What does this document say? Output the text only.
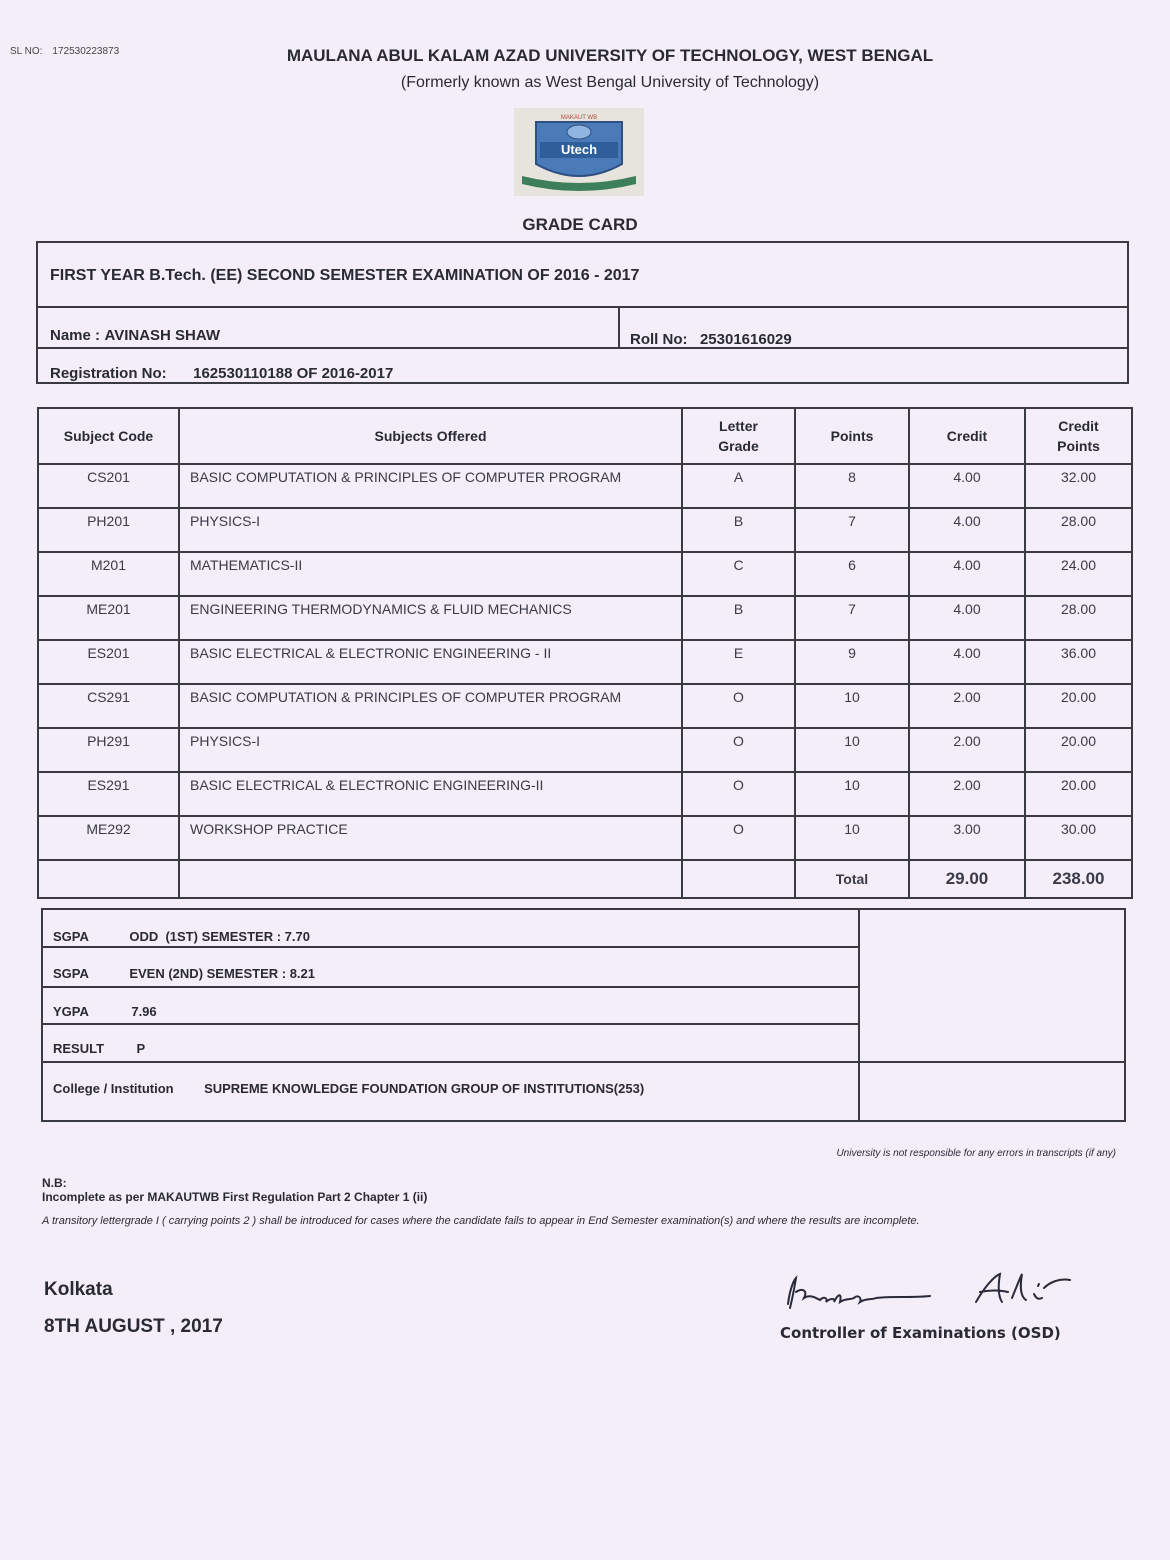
SL NO: 172530223873	MAULANA ABUL KALAM AZAD UNIVERSITY OF TECHNOLOGY, WEST BENGAL
(Formerly known as West Bengal University of Technology)
MAKAUT WB
Utech
GRADE CARD
FIRST YEAR B.Tech. (EE) SECOND SEMESTER EXAMINATION OF 2016 - 2017
Name : AVINASH SHAW	Roll No: 25301616029
Registration No: 162530110188 OF 2016-2017
Subject Code	Subjects Offered	Letter Grade	Points	Credit	Credit Points
CS201	BASIC COMPUTATION & PRINCIPLES OF COMPUTER PROGRAM	A	8	4.00	32.00
PH201	PHYSICS-I	B	7	4.00	28.00
M201	MATHEMATICS-II	C	6	4.00	24.00
ME201	ENGINEERING THERMODYNAMICS & FLUID MECHANICS	B	7	4.00	28.00
ES201	BASIC ELECTRICAL & ELECTRONIC ENGINEERING - II	E	9	4.00	36.00
CS291	BASIC COMPUTATION & PRINCIPLES OF COMPUTER PROGRAM	O	10	2.00	20.00
PH291	PHYSICS-I	O	10	2.00	20.00
ES291	BASIC ELECTRICAL & ELECTRONIC ENGINEERING-II	O	10	2.00	20.00
ME292	WORKSHOP PRACTICE	O	10	3.00	30.00
			Total	29.00	238.00
SGPA	ODD  (1ST) SEMESTER : 7.70
SGPA	EVEN (2ND) SEMESTER : 8.21
YGPA	7.96
RESULT P
College / Institution SUPREME KNOWLEDGE FOUNDATION GROUP OF INSTITUTIONS(253)
University is not responsible for any errors in transcripts (if any)
N.B:
Incomplete as per MAKAUTWB First Regulation Part 2 Chapter 1 (ii)
A transitory lettergrade I ( carrying points 2 ) shall be introduced for cases where the candidate fails to appear in End Semester examination(s) and where the results are incomplete.
Kolkata
8TH AUGUST , 2017	Controller of Examinations (OSD)
